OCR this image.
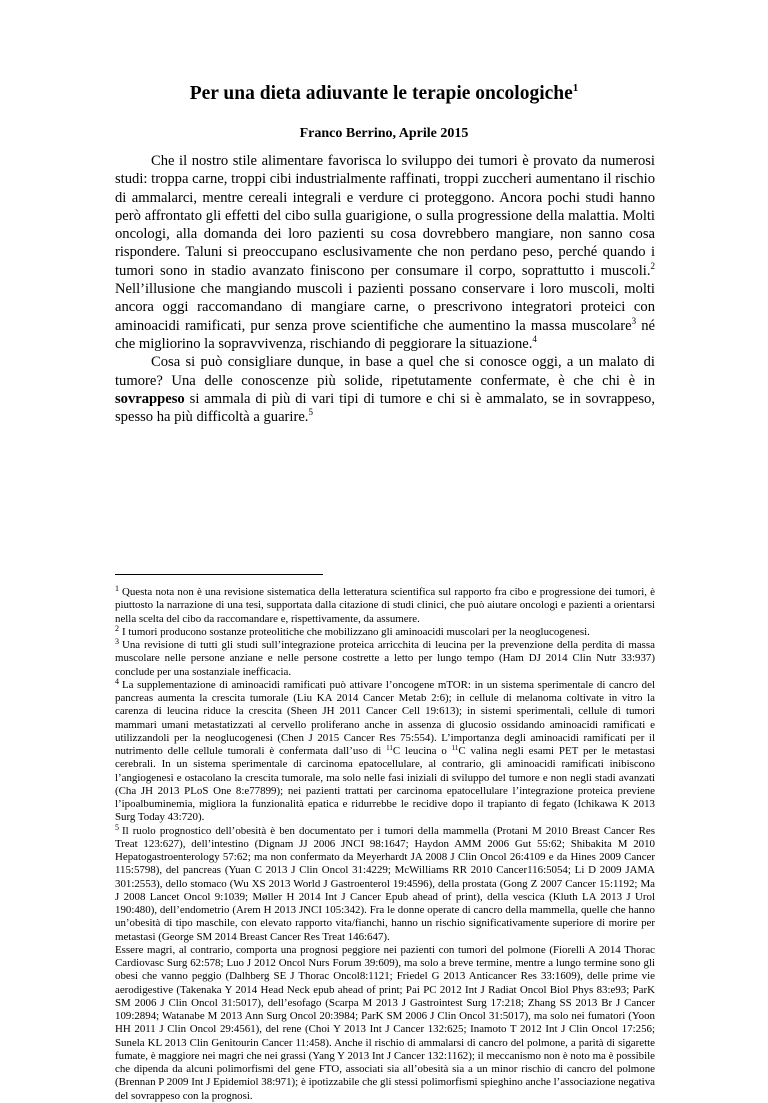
Per una dieta adiuvante le terapie oncologiche$^1$
Franco Berrino, Aprile 2015

Che il nostro stile alimentare favorisca lo sviluppo dei tumori è provato da numerosi studi: troppa carne, troppi cibi industrialmente raffinati, troppi zuccheri aumentano il rischio di ammalarci, mentre cereali integrali e verdure ci proteggono. Ancora pochi studi hanno però affrontato gli effetti del cibo sulla guarigione, o sulla progressione della malattia. Molti oncologi, alla domanda dei loro pazienti su cosa dovrebbero mangiare, non sanno cosa rispondere. Taluni si preoccupano esclusivamente che non perdano peso, perché quando i tumori sono in stadio avanzato finiscono per consumare il corpo, soprattutto i muscoli.$^2$ Nell’illusione che mangiando muscoli i pazienti possano conservare i loro muscoli, molti ancora oggi raccomandano di mangiare carne, o prescrivono integratori proteici con aminoacidi ramificati, pur senza prove scientifiche che aumentino la massa muscolare$^3$ né che migliorino la sopravvivenza, rischiando di peggiorare la situazione.$^4$

Cosa si può consigliare dunque, in base a quel che si conosce oggi, a un malato di tumore? Una delle conoscenze più solide, ripetutamente confermate, è che chi è in sovrappeso si ammala di più di vari tipi di tumore e chi si è ammalato, se in sovrappeso, spesso ha più difficoltà a guarire.$^5$

$^1$ Questa nota non è una revisione sistematica della letteratura scientifica sul rapporto fra cibo e progressione dei tumori, è piuttosto la narrazione di una tesi, supportata dalla citazione di studi clinici, che può aiutare oncologi e pazienti a orientarsi nella scelta del cibo da raccomandare e, rispettivamente, da assumere.

$^2$ I tumori producono sostanze proteolitiche che mobilizzano gli aminoacidi muscolari per la neoglucogenesi.

$^3$ Una revisione di tutti gli studi sull’integrazione proteica arricchita di leucina per la prevenzione della perdita di massa muscolare nelle persone anziane e nelle persone costrette a letto per lungo tempo (Ham DJ 2014 Clin Nutr 33:937) conclude per una sostanziale inefficacia.

$^4$ La supplementazione di aminoacidi ramificati può attivare l’oncogene mTOR: in un sistema sperimentale di cancro del pancreas aumenta la crescita tumorale (Liu KA 2014 Cancer Metab 2:6); in cellule di melanoma coltivate in vitro la carenza di leucina riduce la crescita (Sheen JH 2011 Cancer Cell 19:613); in sistemi sperimentali, cellule di tumori mammari umani metastatizzati al cervello proliferano anche in assenza di glucosio ossidando aminoacidi ramificati e utilizzandoli per la neoglucogenesi (Chen J 2015 Cancer Res 75:554). L’importanza degli aminoacidi ramificati per il nutrimento delle cellule tumorali è confermata dall’uso di $^{11}$C leucina o $^{11}$C valina negli esami PET per le metastasi cerebrali. In un sistema sperimentale di carcinoma epatocellulare, al contrario, gli aminoacidi ramificati inibiscono l’angiogenesi e ostacolano la crescita tumorale, ma solo nelle fasi iniziali di sviluppo del tumore e non negli stadi avanzati (Cha JH 2013 PLoS One 8:e77899); nei pazienti trattati per carcinoma epatocellulare l’integrazione proteica previene l’ipoalbuminemia, migliora la funzionalità epatica e ridurrebbe le recidive dopo il trapianto di fegato (Ichikawa K 2013 Surg Today 43:720).

$^5$ Il ruolo prognostico dell’obesità è ben documentato per i tumori della mammella (Protani M 2010 Breast Cancer Res Treat 123:627), dell’intestino (Dignam JJ 2006 JNCI 98:1647; Haydon AMM 2006 Gut 55:62; Shibakita M 2010 Hepatogastroenterology 57:62; ma non confermato da Meyerhardt JA 2008 J Clin Oncol 26:4109 e da Hines 2009 Cancer 115:5798), del pancreas (Yuan C 2013 J Clin Oncol 31:4229; McWilliams RR 2010 Cancer116:5054; Li D 2009 JAMA 301:2553), dello stomaco (Wu XS 2013 World J Gastroenterol 19:4596), della prostata (Gong Z 2007 Cancer 15:1192; Ma J 2008 Lancet Oncol 9:1039; Møller H 2014 Int J Cancer Epub ahead of print), della vescica (Kluth LA 2013 J Urol 190:480), dell’endometrio (Arem H 2013 JNCI 105:342). Fra le donne operate di cancro della mammella, quelle che hanno un’obesità di tipo maschile, con elevato rapporto vita/fianchi, hanno un rischio significativamente superiore di morire per metastasi (George SM 2014 Breast Cancer Res Treat 146:647).

Essere magri, al contrario, comporta una prognosi peggiore nei pazienti con tumori del polmone (Fiorelli A 2014 Thorac Cardiovasc Surg 62:578; Luo J 2012 Oncol Nurs Forum 39:609), ma solo a breve termine, mentre a lungo termine sono gli obesi che vanno peggio (Dalhberg SE J Thorac Oncol8:1121; Friedel G 2013 Anticancer Res 33:1609), delle prime vie aerodigestive (Takenaka Y 2014 Head Neck epub ahead of print; Pai PC 2012 Int J Radiat Oncol Biol Phys 83:e93; ParK SM 2006 J Clin Oncol 31:5017), dell’esofago (Scarpa M 2013 J Gastrointest Surg 17:218; Zhang SS 2013 Br J Cancer 109:2894; Watanabe M 2013 Ann Surg Oncol 20:3984; ParK SM 2006 J Clin Oncol 31:5017), ma solo nei fumatori (Yoon HH 2011 J Clin Oncol 29:4561), del rene (Choi Y 2013 Int J Cancer 132:625; Inamoto T 2012 Int J Clin Oncol 17:256; Sunela KL 2013 Clin Genitourin Cancer 11:458). Anche il rischio di ammalarsi di cancro del polmone, a parità di sigarette fumate, è maggiore nei magri che nei grassi (Yang Y 2013 Int J Cancer 132:1162); il meccanismo non è noto ma è possibile che dipenda da alcuni polimorfismi del gene FTO, associati sia all’obesità sia a un minor rischio di cancro del polmone (Brennan P 2009 Int J Epidemiol 38:971); è ipotizzabile che gli stessi polimorfismi spieghino anche l’associazione negativa del sovrappeso con la prognosi.
